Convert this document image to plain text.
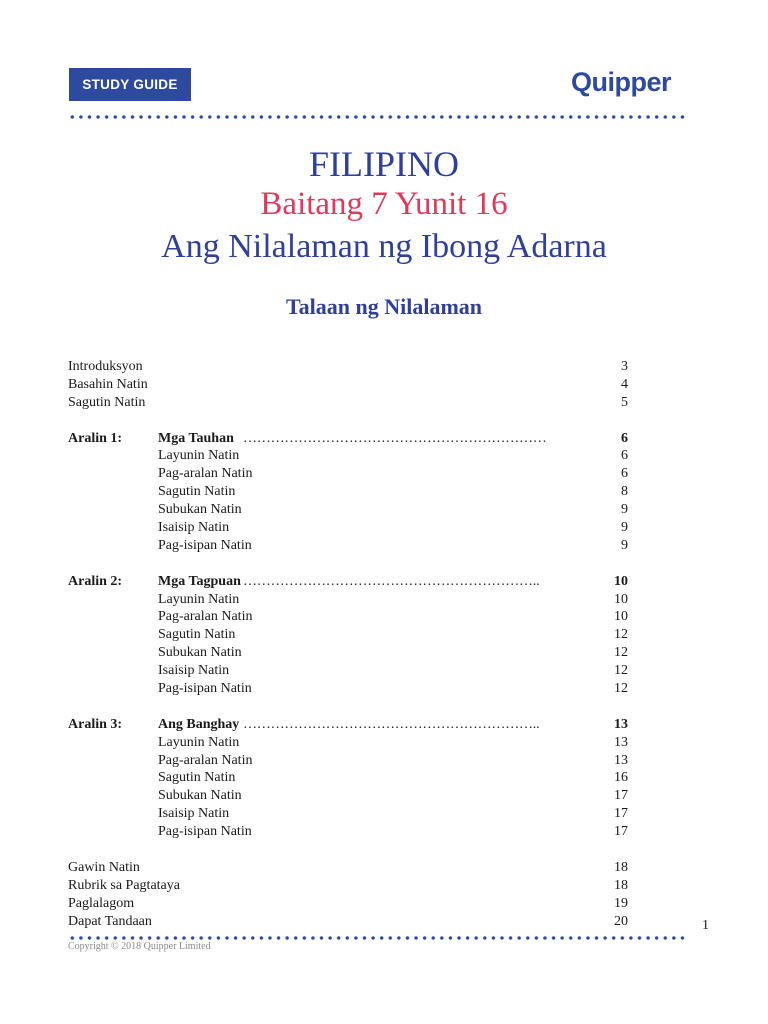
STUDY GUIDE	Quipper
FILIPINO
Baitang 7 Yunit 16
Ang Nilalaman ng Ibong Adarna
Talaan ng Nilalaman
Introduksyon	3
Basahin Natin	4
Sagutin Natin	5
Aralin 1:	Mga Tauhan …………………………………………………………	6
Layunin Natin	6
Pag-aralan Natin	6
Sagutin Natin	8
Subukan Natin	9
Isaisip Natin	9
Pag-isipan Natin	9
Aralin 2:	Mga Tagpuan ………………………………………………………..	10
Layunin Natin	10
Pag-aralan Natin	10
Sagutin Natin	12
Subukan Natin	12
Isaisip Natin	12
Pag-isipan Natin	12
Aralin 3:	Ang Banghay ………………………………………………………..	13
Layunin Natin	13
Pag-aralan Natin	13
Sagutin Natin	16
Subukan Natin	17
Isaisip Natin	17
Pag-isipan Natin	17
Gawin Natin	18
Rubrik sa Pagtataya	18
Paglalagom	19
Dapat Tandaan	20	1
Copyright © 2018 Quipper Limited
